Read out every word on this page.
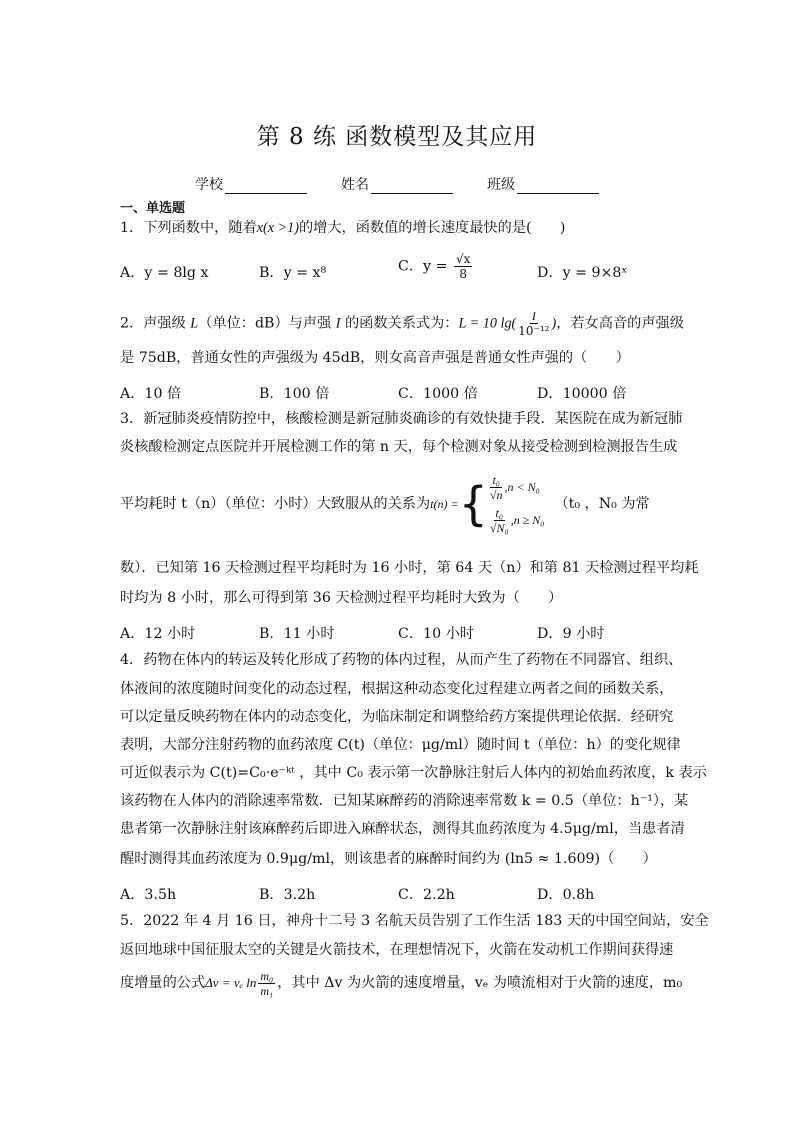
第 8 练 函数模型及其应用
学校	姓名	班级
一、单选题
1．下列函数中，随着x(x >1)的增大，函数值的增长速度最快的是(　　)
A．y = 8lg x	B．y = x⁸	C．$y = \frac{√x}{8}$	D．y = 9×8ˣ
2．声强级 L（单位：dB）与声强 I 的函数关系式为：L = 10 $\lg( \frac{I}{\text{10⁻¹²}}$ )，若女高音的声强级
是 75dB，普通女性的声强级为 45dB，则女高音声强是普通女性声强的（　　）
A．10 倍	B．100 倍	C．1000 倍	D．10000 倍
3．新冠肺炎疫情防控中，核酸检测是新冠肺炎确诊的有效快捷手段．某医院在成为新冠肺
炎核酸检测定点医院并开展检测工作的第 n 天，每个检测对象从接受检测到检测报告生成
平均耗时 t（n）（单位：小时）大致服从的关系为 t(n) = { $\frac{\text{t₀}}{√n} ,n < N_0$
$\frac{\text{t₀}}{\text{√N₀}} ,n \ge N_0$
（t₀ ，N₀ 为常
数）．已知第 16 天检测过程平均耗时为 16 小时，第 64 天（n）和第 81 天检测过程平均耗
时均为 8 小时，那么可得到第 36 天检测过程平均耗时大致为（　　）
A．12 小时	B．11 小时	C．10 小时	D．9 小时
4．药物在体内的转运及转化形成了药物的体内过程，从而产生了药物在不同器官、组织、
体液间的浓度随时间变化的动态过程，根据这种动态变化过程建立两者之间的函数关系，
可以定量反映药物在体内的动态变化，为临床制定和调整给药方案提供理论依据．经研究
表明，大部分注射药物的血药浓度 C(t)（单位：μg/ml）随时间 t（单位：h）的变化规律
可近似表示为 C(t)=C₀·e⁻ᵏᵗ ，其中 C₀ 表示第一次静脉注射后人体内的初始血药浓度，k 表示
该药物在人体内的消除速率常数．已知某麻醉药的消除速率常数 k = 0.5（单位：h⁻¹），某
患者第一次静脉注射该麻醉药后即进入麻醉状态，测得其血药浓度为 4.5μg/ml，当患者清
醒时测得其血药浓度为 0.9μg/ml，则该患者的麻醉时间约为 (ln5 ≈ 1.609)（　　）
A．3.5h	B．3.2h	C．2.2h	D．0.8h
5．2022 年 4 月 16 日，神舟十二号 3 名航天员告别了工作生活 183 天的中国空间站，安全
返回地球中国征服太空的关键是火箭技术，在理想情况下，火箭在发动机工作期间获得速
度增量的公式 Δv = vₑ $\ln \frac{\text{m₀}}{\text{m₁}}$ ，其中 Δv 为火箭的速度增量，vₑ 为喷流相对于火箭的速度，m₀
